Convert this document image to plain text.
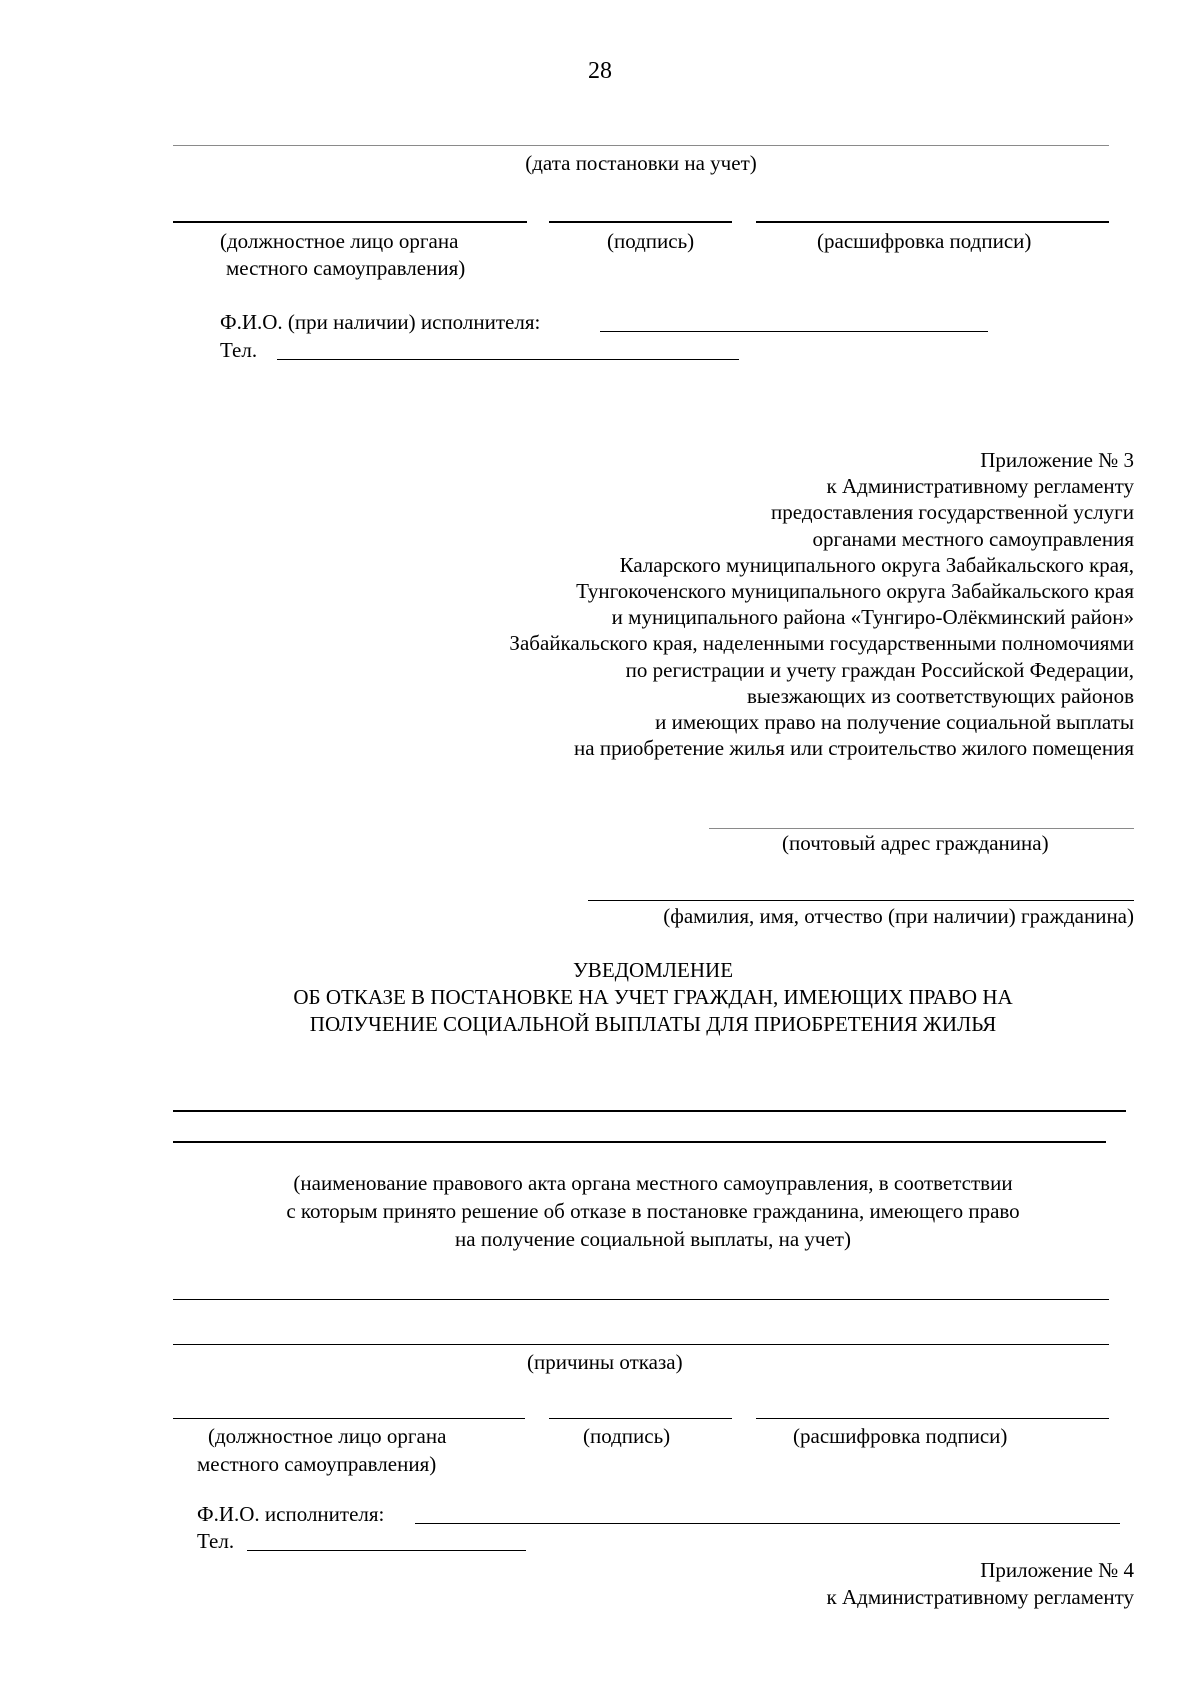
28
(дата постановки на учет)
(должностное лицо органа
местного самоуправления)
(подпись)	(расшифровка подписи)
Ф.И.О. (при наличии) исполнителя:
Тел.
Приложение № 3
к Административному регламенту
предоставления государственной услуги
органами местного самоуправления
Каларского муниципального округа Забайкальского края,
Тунгокоченского муниципального округа Забайкальского края
и муниципального района «Тунгиро-Олёкминский район»
Забайкальского края, наделенными государственными полномочиями
по регистрации и учету граждан Российской Федерации,
выезжающих из соответствующих районов
и имеющих право на получение социальной выплаты
на приобретение жилья или строительство жилого помещения
(почтовый адрес гражданина)
(фамилия, имя, отчество (при наличии) гражданина)
УВЕДОМЛЕНИЕ
ОБ ОТКАЗЕ В ПОСТАНОВКЕ НА УЧЕТ ГРАЖДАН, ИМЕЮЩИХ ПРАВО НА
ПОЛУЧЕНИЕ СОЦИАЛЬНОЙ ВЫПЛАТЫ ДЛЯ ПРИОБРЕТЕНИЯ ЖИЛЬЯ
(наименование правового акта органа местного самоуправления, в соответствии
с которым принято решение об отказе в постановке гражданина, имеющего право
на получение социальной выплаты, на учет)
(причины отказа)
(должностное лицо органа
местного самоуправления)
(подпись)	(расшифровка подписи)
Ф.И.О. исполнителя:
Тел.
Приложение № 4
к Административному регламенту
